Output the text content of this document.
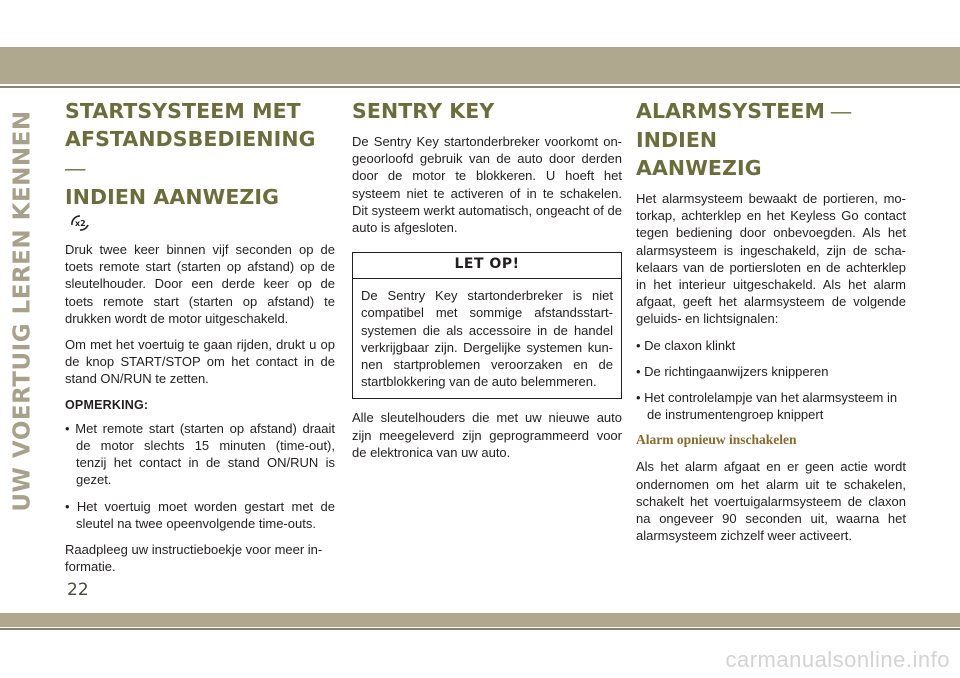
UW VOERTUIG LEREN KENNEN STARTSYSTEEM MET
AFSTANDSBEDIENING —
INDIEN AANWEZIG
x2

Druk twee keer binnen vijf seconden op de toets remote start (starten op afstand) op de sleutelhouder. Door een derde keer op de toets remote start (starten op afstand) te drukken wordt de motor uitgeschakeld.

Om met het voertuig te gaan rijden, drukt u op de knop START/STOP om het contact in de stand ON/RUN te zetten.

OPMERKING:

• Met remote start (starten op afstand) draait de motor slechts 15 minuten (time-out), tenzij het contact in de stand ON/RUN is gezet.

• Het voertuig moet worden gestart met de sleutel na twee opeenvolgende time-outs.

Raadpleeg uw instructieboekje voor meer in-formatie.

SENTRY KEY

De Sentry Key startonderbreker voorkomt on-geoorloofd gebruik van de auto door derden door de motor te blokkeren. U hoeft het systeem niet te activeren of in te schakelen. Dit systeem werkt automatisch, ongeacht of de auto is afgesloten.

LET OP!

De Sentry Key startonderbreker is niet compatibel met sommige afstandsstart-systemen die als accessoire in de handel verkrijgbaar zijn. Dergelijke systemen kun-nen startproblemen veroorzaken en de startblokkering van de auto belemmeren.

Alle sleutelhouders die met uw nieuwe auto zijn meegeleverd zijn geprogrammeerd voor de elektronica van uw auto.

ALARMSYSTEEM — INDIEN
AANWEZIG

Het alarmsysteem bewaakt de portieren, mo-torkap, achterklep en het Keyless Go contact tegen bediening door onbevoegden. Als het alarmsysteem is ingeschakeld, zijn de scha-kelaars van de portiersloten en de achterklep in het interieur uitgeschakeld. Als het alarm afgaat, geeft het alarmsysteem de volgende geluids- en lichtsignalen:

• De claxon klinkt

• De richtingaanwijzers knipperen

• Het controlelampje van het alarmsysteem in de instrumentengroep knippert

Alarm opnieuw inschakelen

Als het alarm afgaat en er geen actie wordt ondernomen om het alarm uit te schakelen, schakelt het voertuigalarmsysteem de claxon na ongeveer 90 seconden uit, waarna het alarmsysteem zichzelf weer activeert.

22
carmanualsonline.info
